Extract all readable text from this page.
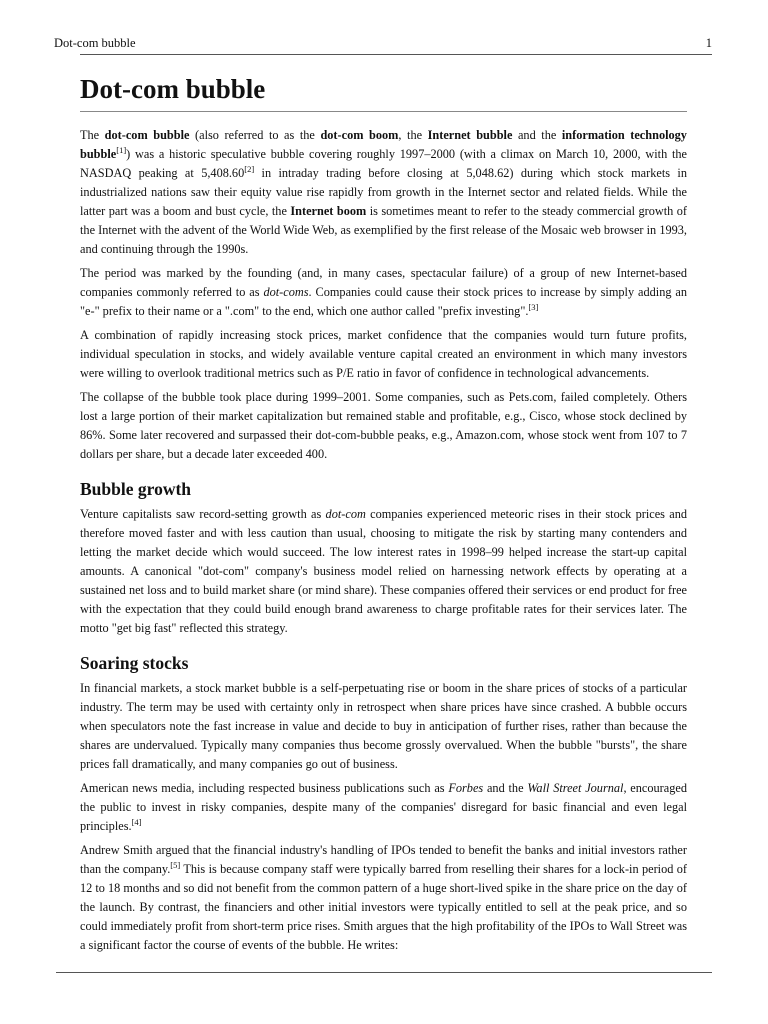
Dot-com bubble	1
Dot-com bubble

The dot-com bubble (also referred to as the dot-com boom, the Internet bubble and the information technology bubble[1]) was a historic speculative bubble covering roughly 1997–2000 (with a climax on March 10, 2000, with the NASDAQ peaking at 5,408.60[2] in intraday trading before closing at 5,048.62) during which stock markets in industrialized nations saw their equity value rise rapidly from growth in the Internet sector and related fields. While the latter part was a boom and bust cycle, the Internet boom is sometimes meant to refer to the steady commercial growth of the Internet with the advent of the World Wide Web, as exemplified by the first release of the Mosaic web browser in 1993, and continuing through the 1990s.

The period was marked by the founding (and, in many cases, spectacular failure) of a group of new Internet-based companies commonly referred to as dot-coms. Companies could cause their stock prices to increase by simply adding an "e-" prefix to their name or a ".com" to the end, which one author called "prefix investing".[3]

A combination of rapidly increasing stock prices, market confidence that the companies would turn future profits, individual speculation in stocks, and widely available venture capital created an environment in which many investors were willing to overlook traditional metrics such as P/E ratio in favor of confidence in technological advancements.

The collapse of the bubble took place during 1999–2001. Some companies, such as Pets.com, failed completely. Others lost a large portion of their market capitalization but remained stable and profitable, e.g., Cisco, whose stock declined by 86%. Some later recovered and surpassed their dot-com-bubble peaks, e.g., Amazon.com, whose stock went from 107 to 7 dollars per share, but a decade later exceeded 400.

Bubble growth

Venture capitalists saw record-setting growth as dot-com companies experienced meteoric rises in their stock prices and therefore moved faster and with less caution than usual, choosing to mitigate the risk by starting many contenders and letting the market decide which would succeed. The low interest rates in 1998–99 helped increase the start-up capital amounts. A canonical "dot-com" company's business model relied on harnessing network effects by operating at a sustained net loss and to build market share (or mind share). These companies offered their services or end product for free with the expectation that they could build enough brand awareness to charge profitable rates for their services later. The motto "get big fast" reflected this strategy.

Soaring stocks

In financial markets, a stock market bubble is a self-perpetuating rise or boom in the share prices of stocks of a particular industry. The term may be used with certainty only in retrospect when share prices have since crashed. A bubble occurs when speculators note the fast increase in value and decide to buy in anticipation of further rises, rather than because the shares are undervalued. Typically many companies thus become grossly overvalued. When the bubble "bursts", the share prices fall dramatically, and many companies go out of business.

American news media, including respected business publications such as Forbes and the Wall Street Journal, encouraged the public to invest in risky companies, despite many of the companies' disregard for basic financial and even legal principles.[4]

Andrew Smith argued that the financial industry's handling of IPOs tended to benefit the banks and initial investors rather than the company.[5] This is because company staff were typically barred from reselling their shares for a lock-in period of 12 to 18 months and so did not benefit from the common pattern of a huge short-lived spike in the share price on the day of the launch. By contrast, the financiers and other initial investors were typically entitled to sell at the peak price, and so could immediately profit from short-term price rises. Smith argues that the high profitability of the IPOs to Wall Street was a significant factor the course of events of the bubble. He writes:
